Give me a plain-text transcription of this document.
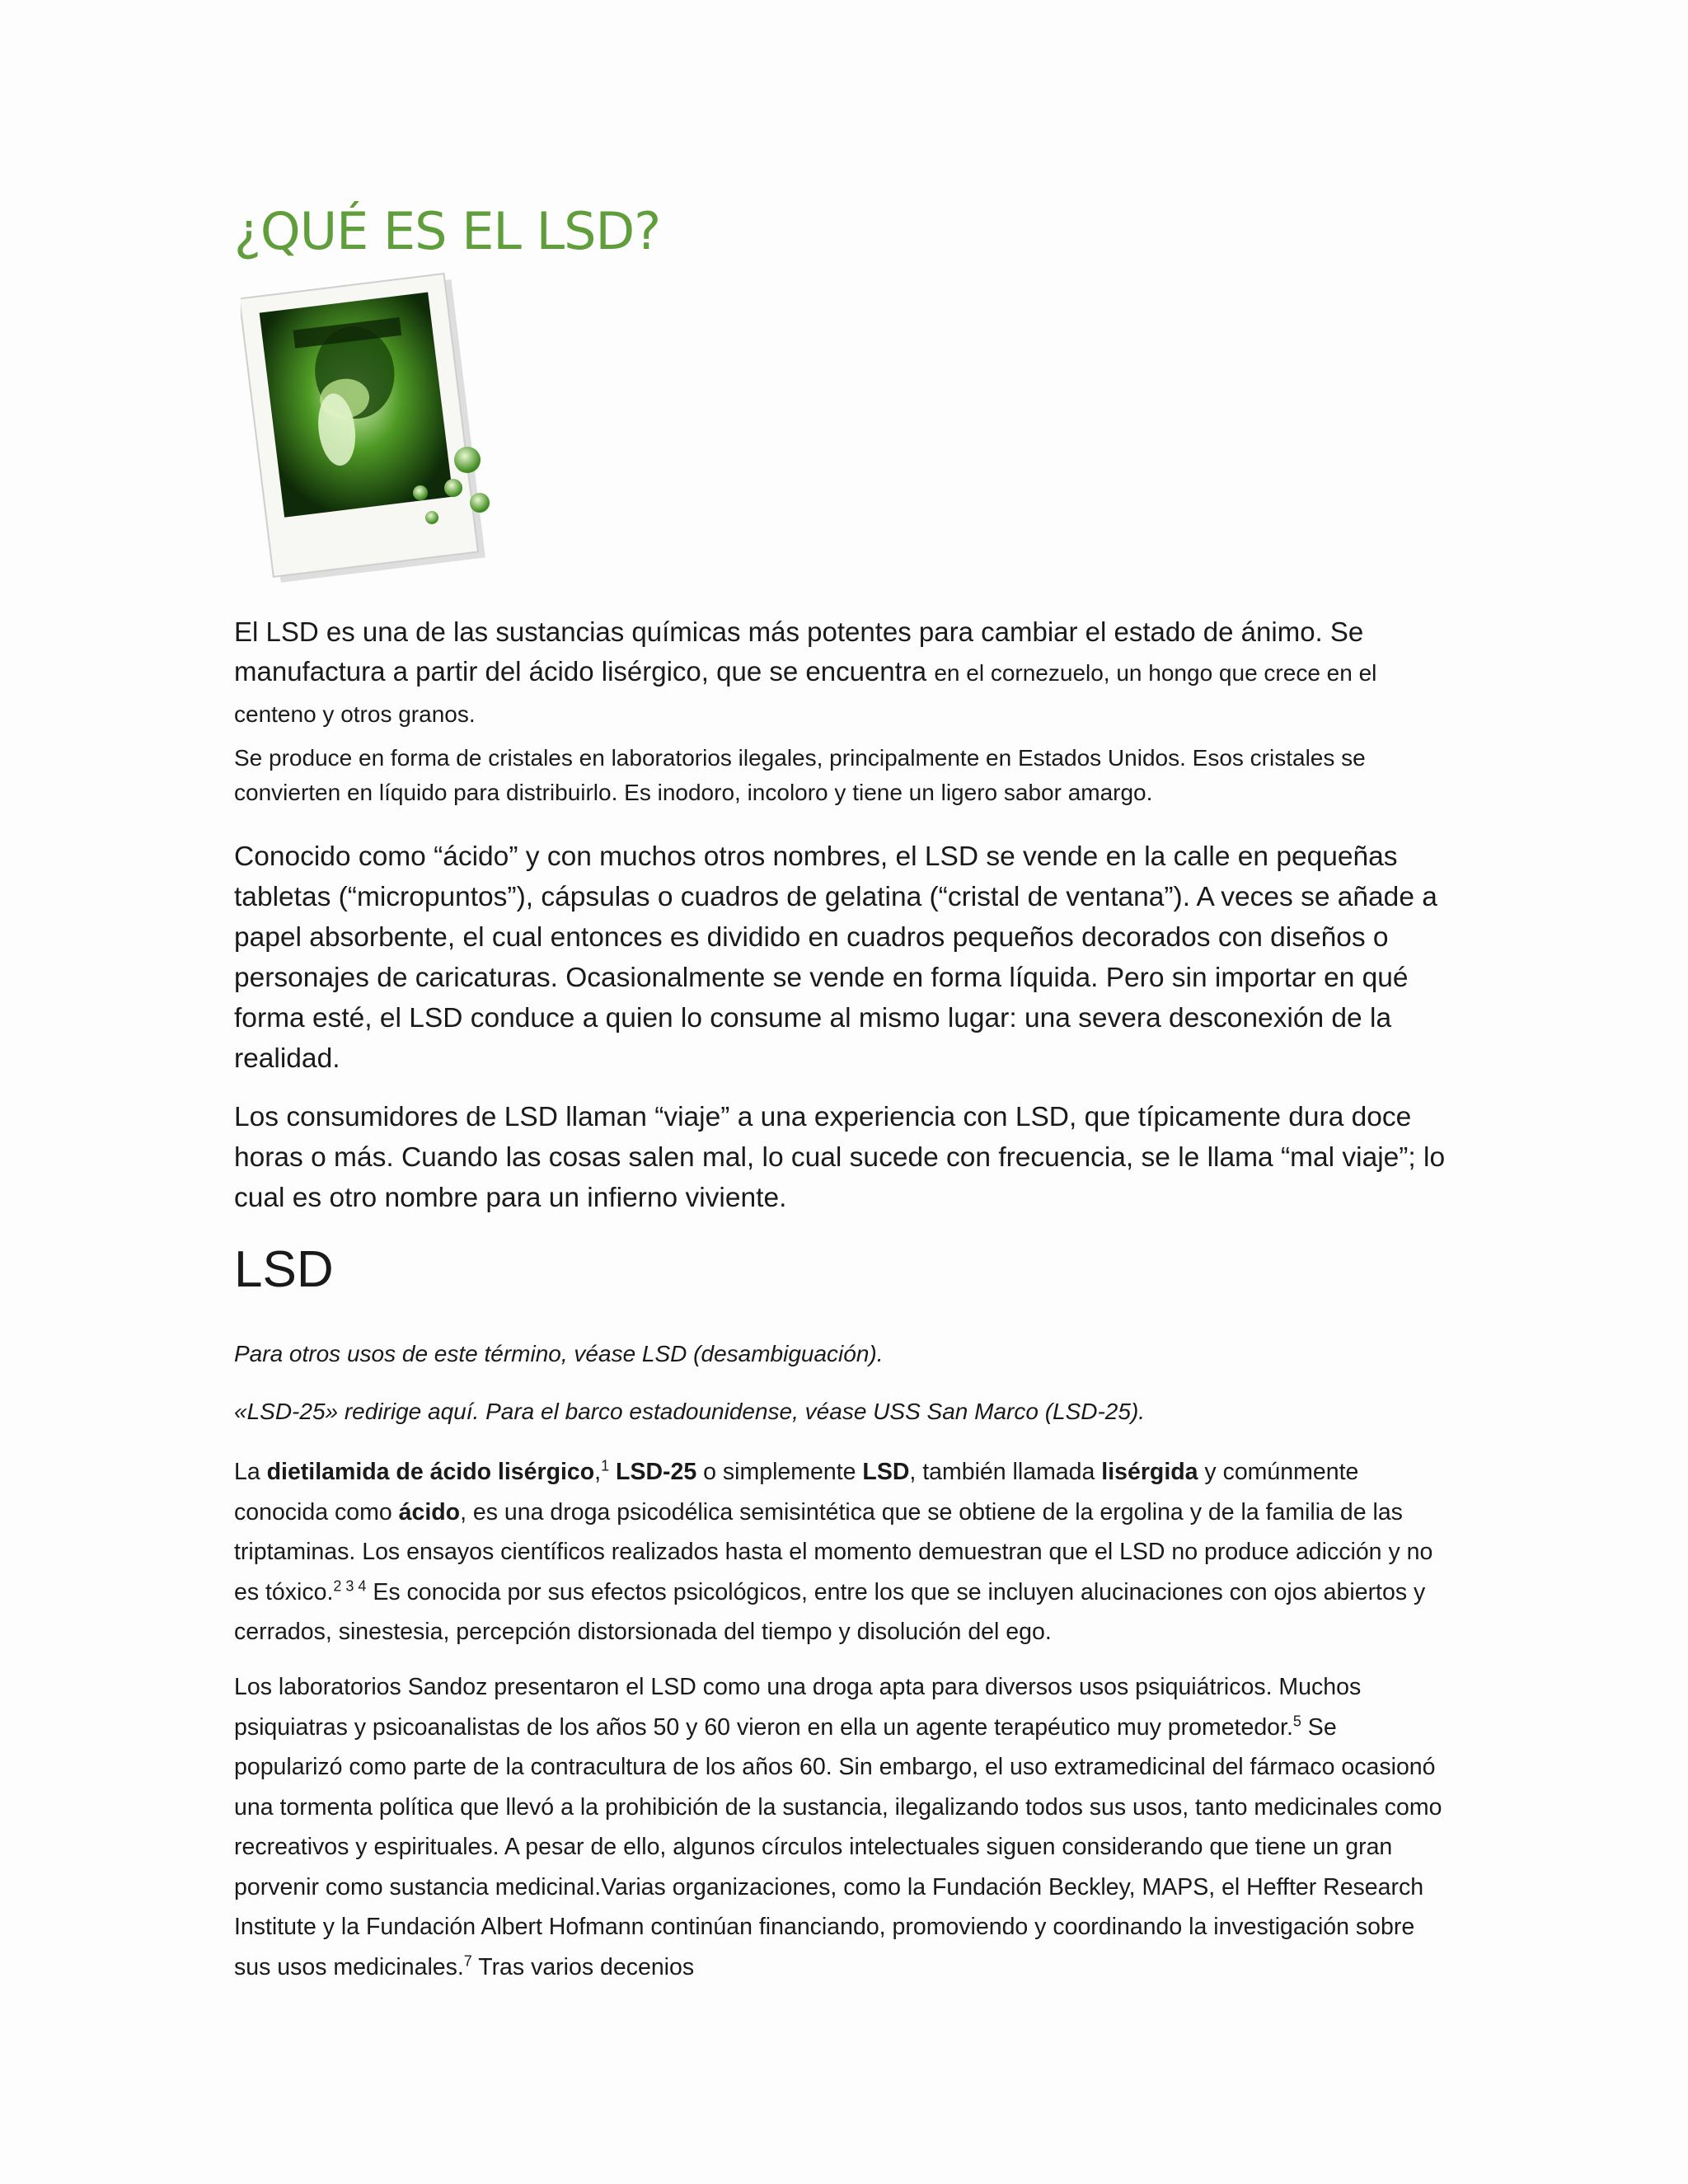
¿QUÉ ES EL LSD?

El LSD es una de las sustancias químicas más potentes para cambiar el estado de ánimo. Se manufactura a partir del ácido lisérgico, que se encuentra en el cornezuelo, un hongo que crece en el centeno y otros granos.

Se produce en forma de cristales en laboratorios ilegales, principalmente en Estados Unidos. Esos cristales se convierten en líquido para distribuirlo. Es inodoro, incoloro y tiene un ligero sabor amargo.

Conocido como “ácido” y con muchos otros nombres, el LSD se vende en la calle en pequeñas tabletas (“micropuntos”), cápsulas o cuadros de gelatina (“cristal de ventana”). A veces se añade a papel absorbente, el cual entonces es dividido en cuadros pequeños decorados con diseños o personajes de caricaturas. Ocasionalmente se vende en forma líquida. Pero sin importar en qué forma esté, el LSD conduce a quien lo consume al mismo lugar: una severa desconexión de la realidad.

Los consumidores de LSD llaman “viaje” a una experiencia con LSD, que típicamente dura doce horas o más. Cuando las cosas salen mal, lo cual sucede con frecuencia, se le llama “mal viaje”; lo cual es otro nombre para un infierno viviente.

LSD

Para otros usos de este término, véase LSD (desambiguación).

«LSD-25» redirige aquí. Para el barco estadounidense, véase USS San Marco (LSD-25).

La dietilamida de ácido lisérgico,$^1$ LSD-25 o simplemente LSD, también llamada lisérgida y comúnmente conocida como ácido, es una droga psicodélica semisintética que se obtiene de la ergolina y de la familia de las triptaminas. Los ensayos científicos realizados hasta el momento demuestran que el LSD no produce adicción y no es tóxico.$^{2 3 4}$ Es conocida por sus efectos psicológicos, entre los que se incluyen alucinaciones con ojos abiertos y cerrados, sinestesia, percepción distorsionada del tiempo y disolución del ego.

Los laboratorios Sandoz presentaron el LSD como una droga apta para diversos usos psiquiátricos. Muchos psiquiatras y psicoanalistas de los años 50 y 60 vieron en ella un agente terapéutico muy prometedor.$^5$ Se popularizó como parte de la contracultura de los años 60. Sin embargo, el uso extramedicinal del fármaco ocasionó una tormenta política que llevó a la prohibición de la sustancia, ilegalizando todos sus usos, tanto medicinales como recreativos y espirituales. A pesar de ello, algunos círculos intelectuales siguen considerando que tiene un gran porvenir como sustancia medicinal.Varias organizaciones, como la Fundación Beckley, MAPS, el Heffter Research Institute y la Fundación Albert Hofmann continúan financiando, promoviendo y coordinando la investigación sobre sus usos medicinales.$^7$ Tras varios decenios
